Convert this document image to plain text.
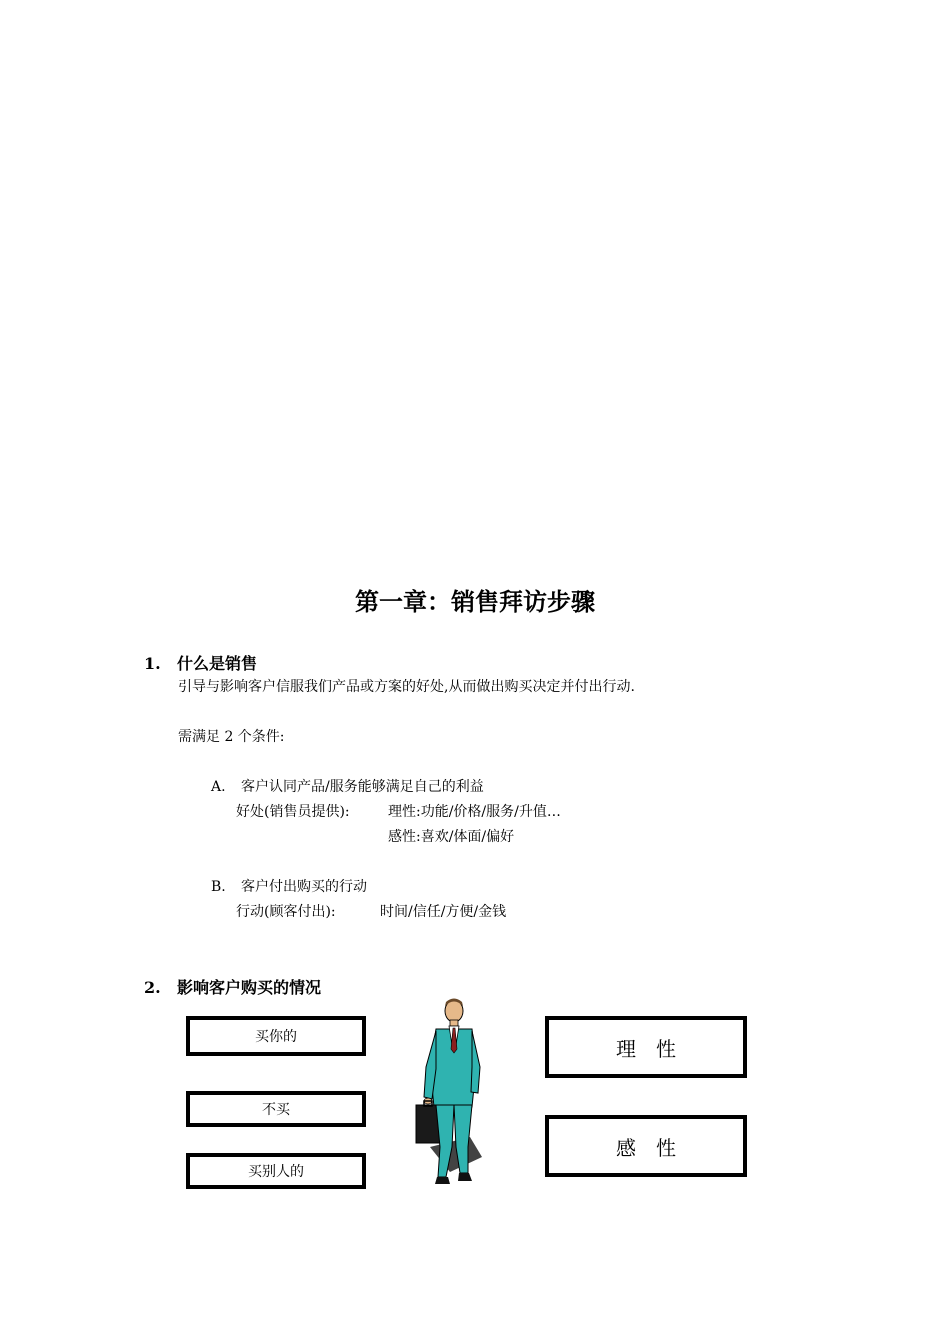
第一章：销售拜访步骤
1. 什么是销售
引导与影响客户信服我们产品或方案的好处,从而做出购买决定并付出行动.
需满足 2 个条件:
A. 客户认同产品/服务能够满足自己的利益
好处(销售员提供):	理性:功能/价格/服务/升值…
感性:喜欢/体面/偏好
B. 客户付出购买的行动
行动(顾客付出):	时间/信任/方便/金钱
2. 影响客户购买的情况
买你的
不买
买别人的
理　性
感　性
